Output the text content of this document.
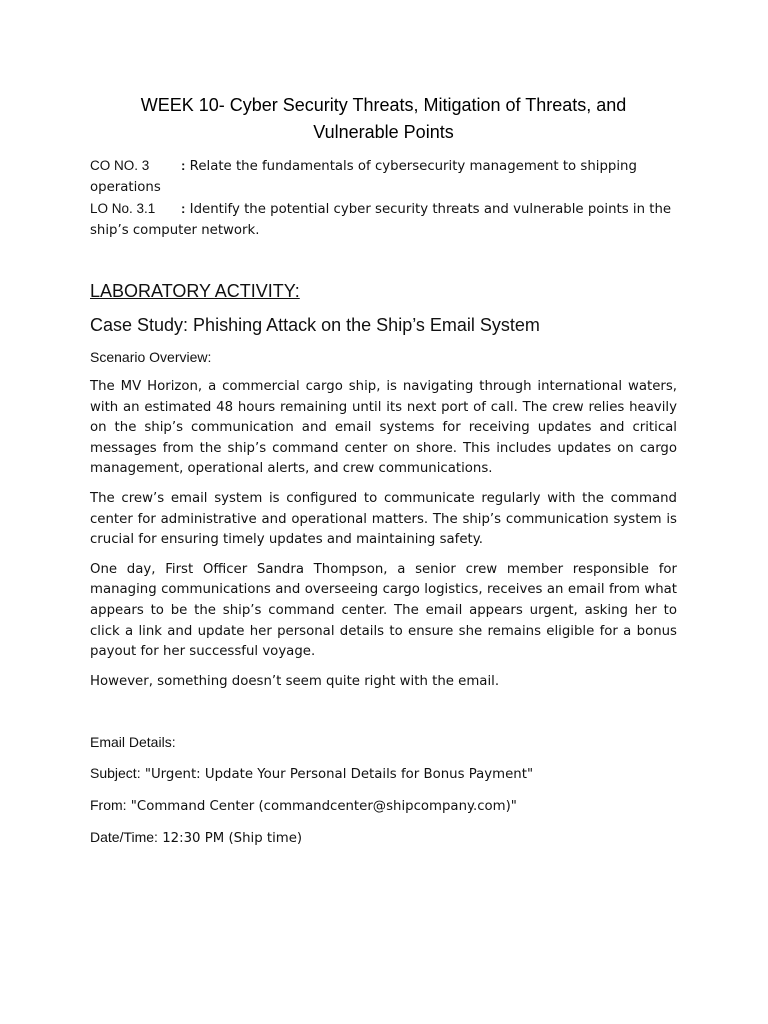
WEEK 10- Cyber Security Threats, Mitigation of Threats, and
Vulnerable Points
CO NO. 3 : Relate the fundamentals of cybersecurity management to shipping operations
LO No. 3.1 : Identify the potential cyber security threats and vulnerable points in the ship’s computer network.
LABORATORY ACTIVITY:
Case Study: Phishing Attack on the Ship’s Email System
Scenario Overview:

The MV Horizon, a commercial cargo ship, is navigating through international waters, with an estimated 48 hours remaining until its next port of call. The crew relies heavily on the ship’s communication and email systems for receiving updates and critical messages from the ship’s command center on shore. This includes updates on cargo management, operational alerts, and crew communications.

The crew’s email system is configured to communicate regularly with the command center for administrative and operational matters. The ship’s communication system is crucial for ensuring timely updates and maintaining safety.

One day, First Officer Sandra Thompson, a senior crew member responsible for managing communications and overseeing cargo logistics, receives an email from what appears to be the ship’s command center. The email appears urgent, asking her to click a link and update her personal details to ensure she remains eligible for a bonus payout for her successful voyage.

However, something doesn’t seem quite right with the email.

Email Details:
Subject: "Urgent: Update Your Personal Details for Bonus Payment"
From: "Command Center (commandcenter@shipcompany.com)"
Date/Time: 12:30 PM (Ship time)
